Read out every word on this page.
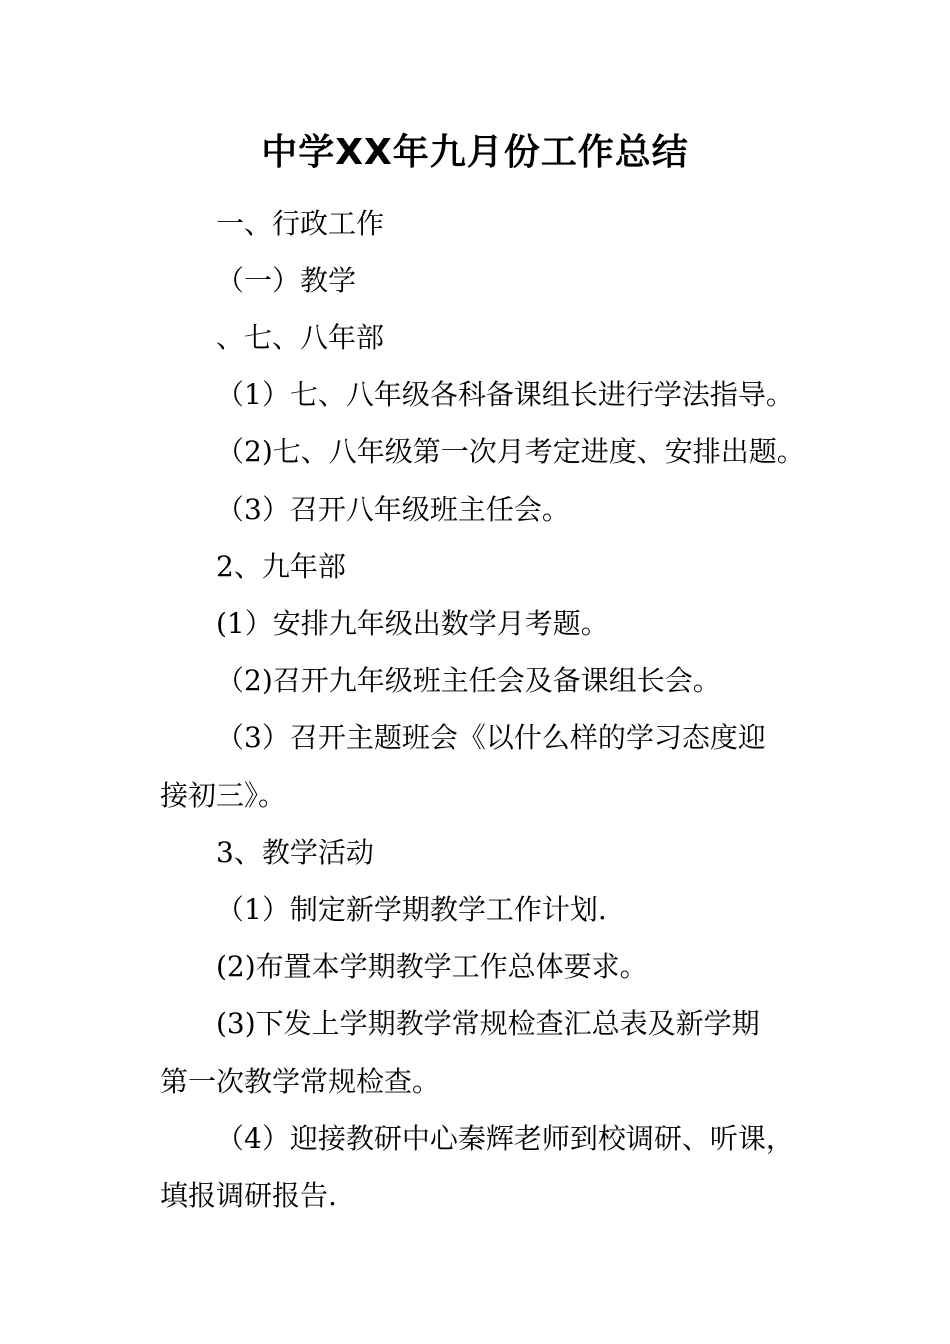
中学XX年九月份工作总结
一、行政工作
（一）教学
、七、八年部
（1）七、八年级各科备课组长进行学法指导。
（2)七、八年级第一次月考定进度、安排出题。
（3）召开八年级班主任会。
2、九年部
(1）安排九年级出数学月考题。
（2)召开九年级班主任会及备课组长会。
（3）召开主题班会《以什么样的学习态度迎
接初三》。
3、教学活动
（1）制定新学期教学工作计划.
(2)布置本学期教学工作总体要求。
(3)下发上学期教学常规检查汇总表及新学期
第一次教学常规检查。
（4）迎接教研中心秦辉老师到校调研、听课，
填报调研报告.
